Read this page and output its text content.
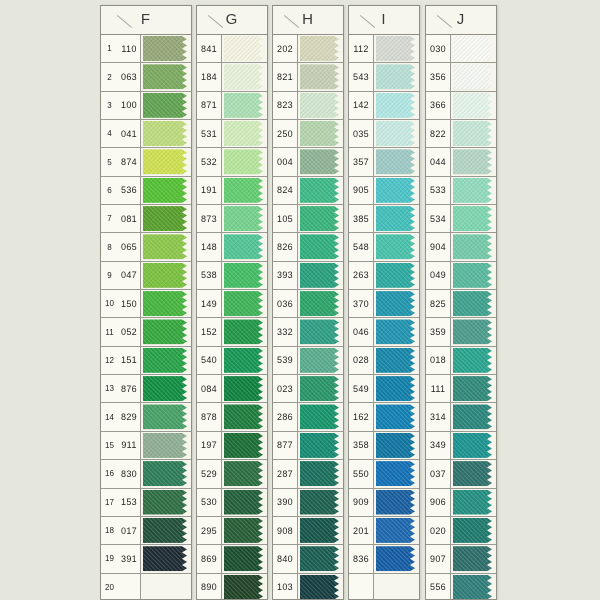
F
1	110
2	063
3	100
4	041
5	874
6	536
7	081
8	065
9	047
10 150
11 052
12 151
13 876
14 829
15 911
16 830
17 153
18 017
19 391
20
G
841
184
871
531
532
191
873
148
538
149
152
540
084
878
197
529
530
295
869
890
H
202
821
823
250
004
824
105
826
393
036
332
539
023
286
877
287
390
908
840
103
I
112
543
142
035
357
905
385
548
263
370
046
028
549
162
358
550
909
201
836
J
030
356
366
822
044
533
534
904
049
825
359
018
111
314
349
037
906
020
907
556
